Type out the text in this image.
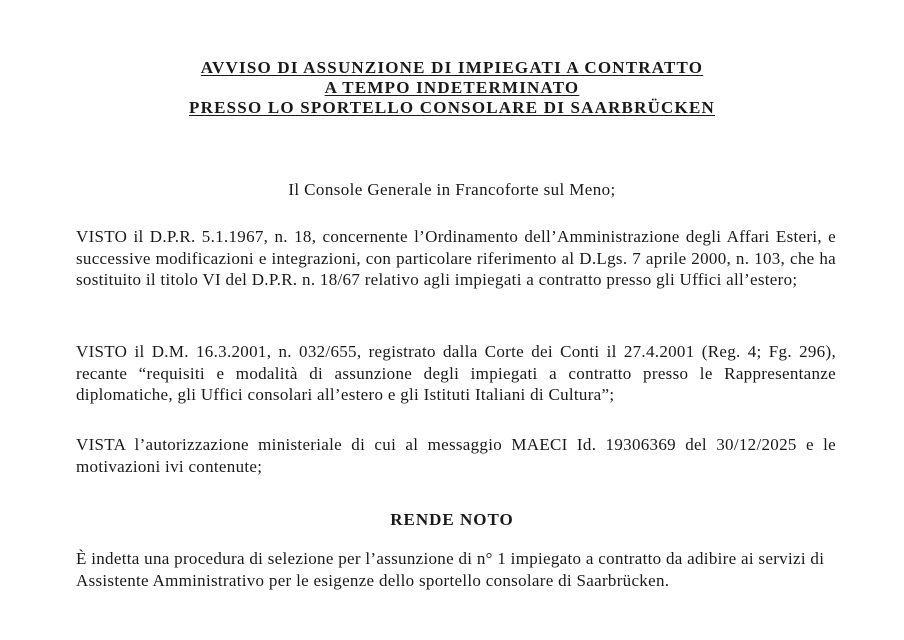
AVVISO DI ASSUNZIONE DI IMPIEGATI A CONTRATTO
A TEMPO INDETERMINATO
PRESSO LO SPORTELLO CONSOLARE DI SAARBRÜCKEN
Il Console Generale in Francoforte sul Meno;

VISTO il D.P.R. 5.1.1967, n. 18, concernente l’Ordinamento dell’Amministrazione degli Affari Esteri, e successive modificazioni e integrazioni, con particolare riferimento al D.Lgs. 7 aprile 2000, n. 103, che ha sostituito il titolo VI del D.P.R. n. 18/67 relativo agli impiegati a contratto presso gli Uffici all’estero;

VISTO il D.M. 16.3.2001, n. 032/655, registrato dalla Corte dei Conti il 27.4.2001 (Reg. 4; Fg. 296), recante “requisiti e modalità di assunzione degli impiegati a contratto presso le Rappresentanze diplomatiche, gli Uffici consolari all’estero e gli Istituti Italiani di Cultura”;

VISTA l’autorizzazione ministeriale di cui al messaggio MAECI Id. 19306369 del 30/12/2025 e le motivazioni ivi contenute;

RENDE NOTO

È indetta una procedura di selezione per l’assunzione di n° 1 impiegato a contratto da adibire ai servizi di Assistente Amministrativo per le esigenze dello sportello consolare di Saarbrücken.
